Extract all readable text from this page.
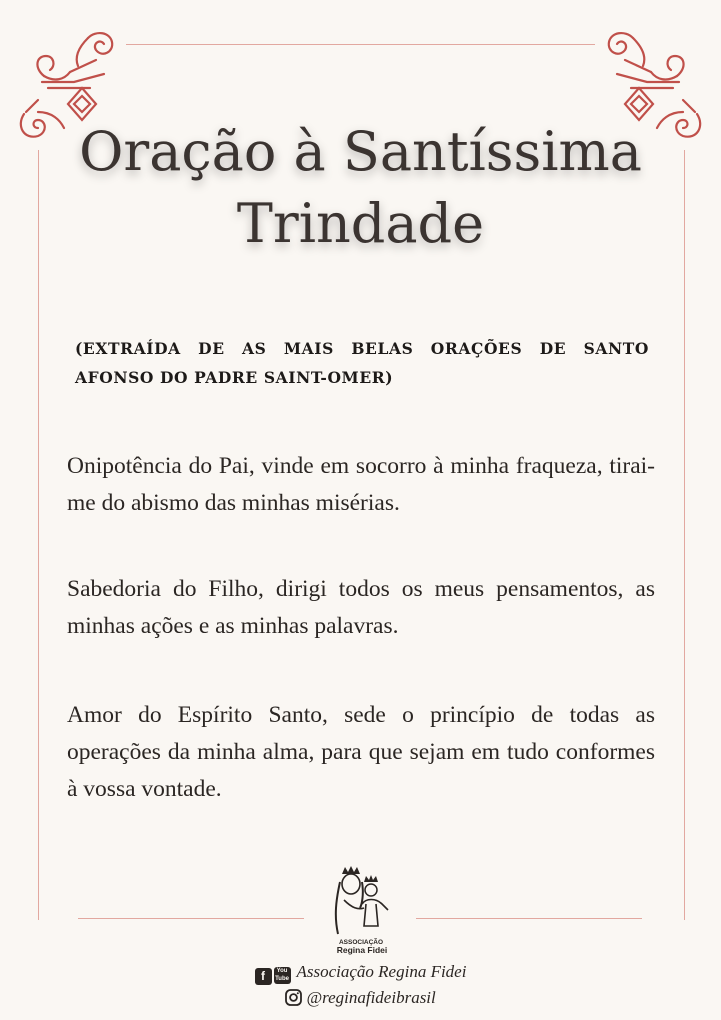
Oração à Santíssima
Trindade

(EXTRAÍDA DE AS MAIS BELAS ORAÇÕES DE SANTO AFONSO DO PADRE SAINT-OMER)

Onipotência do Pai, vinde em socorro à minha fraqueza, tirai-me do abismo das minhas misérias.

Sabedoria do Filho, dirigi todos os meus pensamentos, as minhas ações e as minhas palavras.

Amor do Espírito Santo, sede o princípio de todas as operações da minha alma, para que sejam em tudo conformes à vossa vontade.

ASSOCIAÇÃO
Regina Fidei
f You Tube Associação Regina Fidei
@reginafideibrasil
